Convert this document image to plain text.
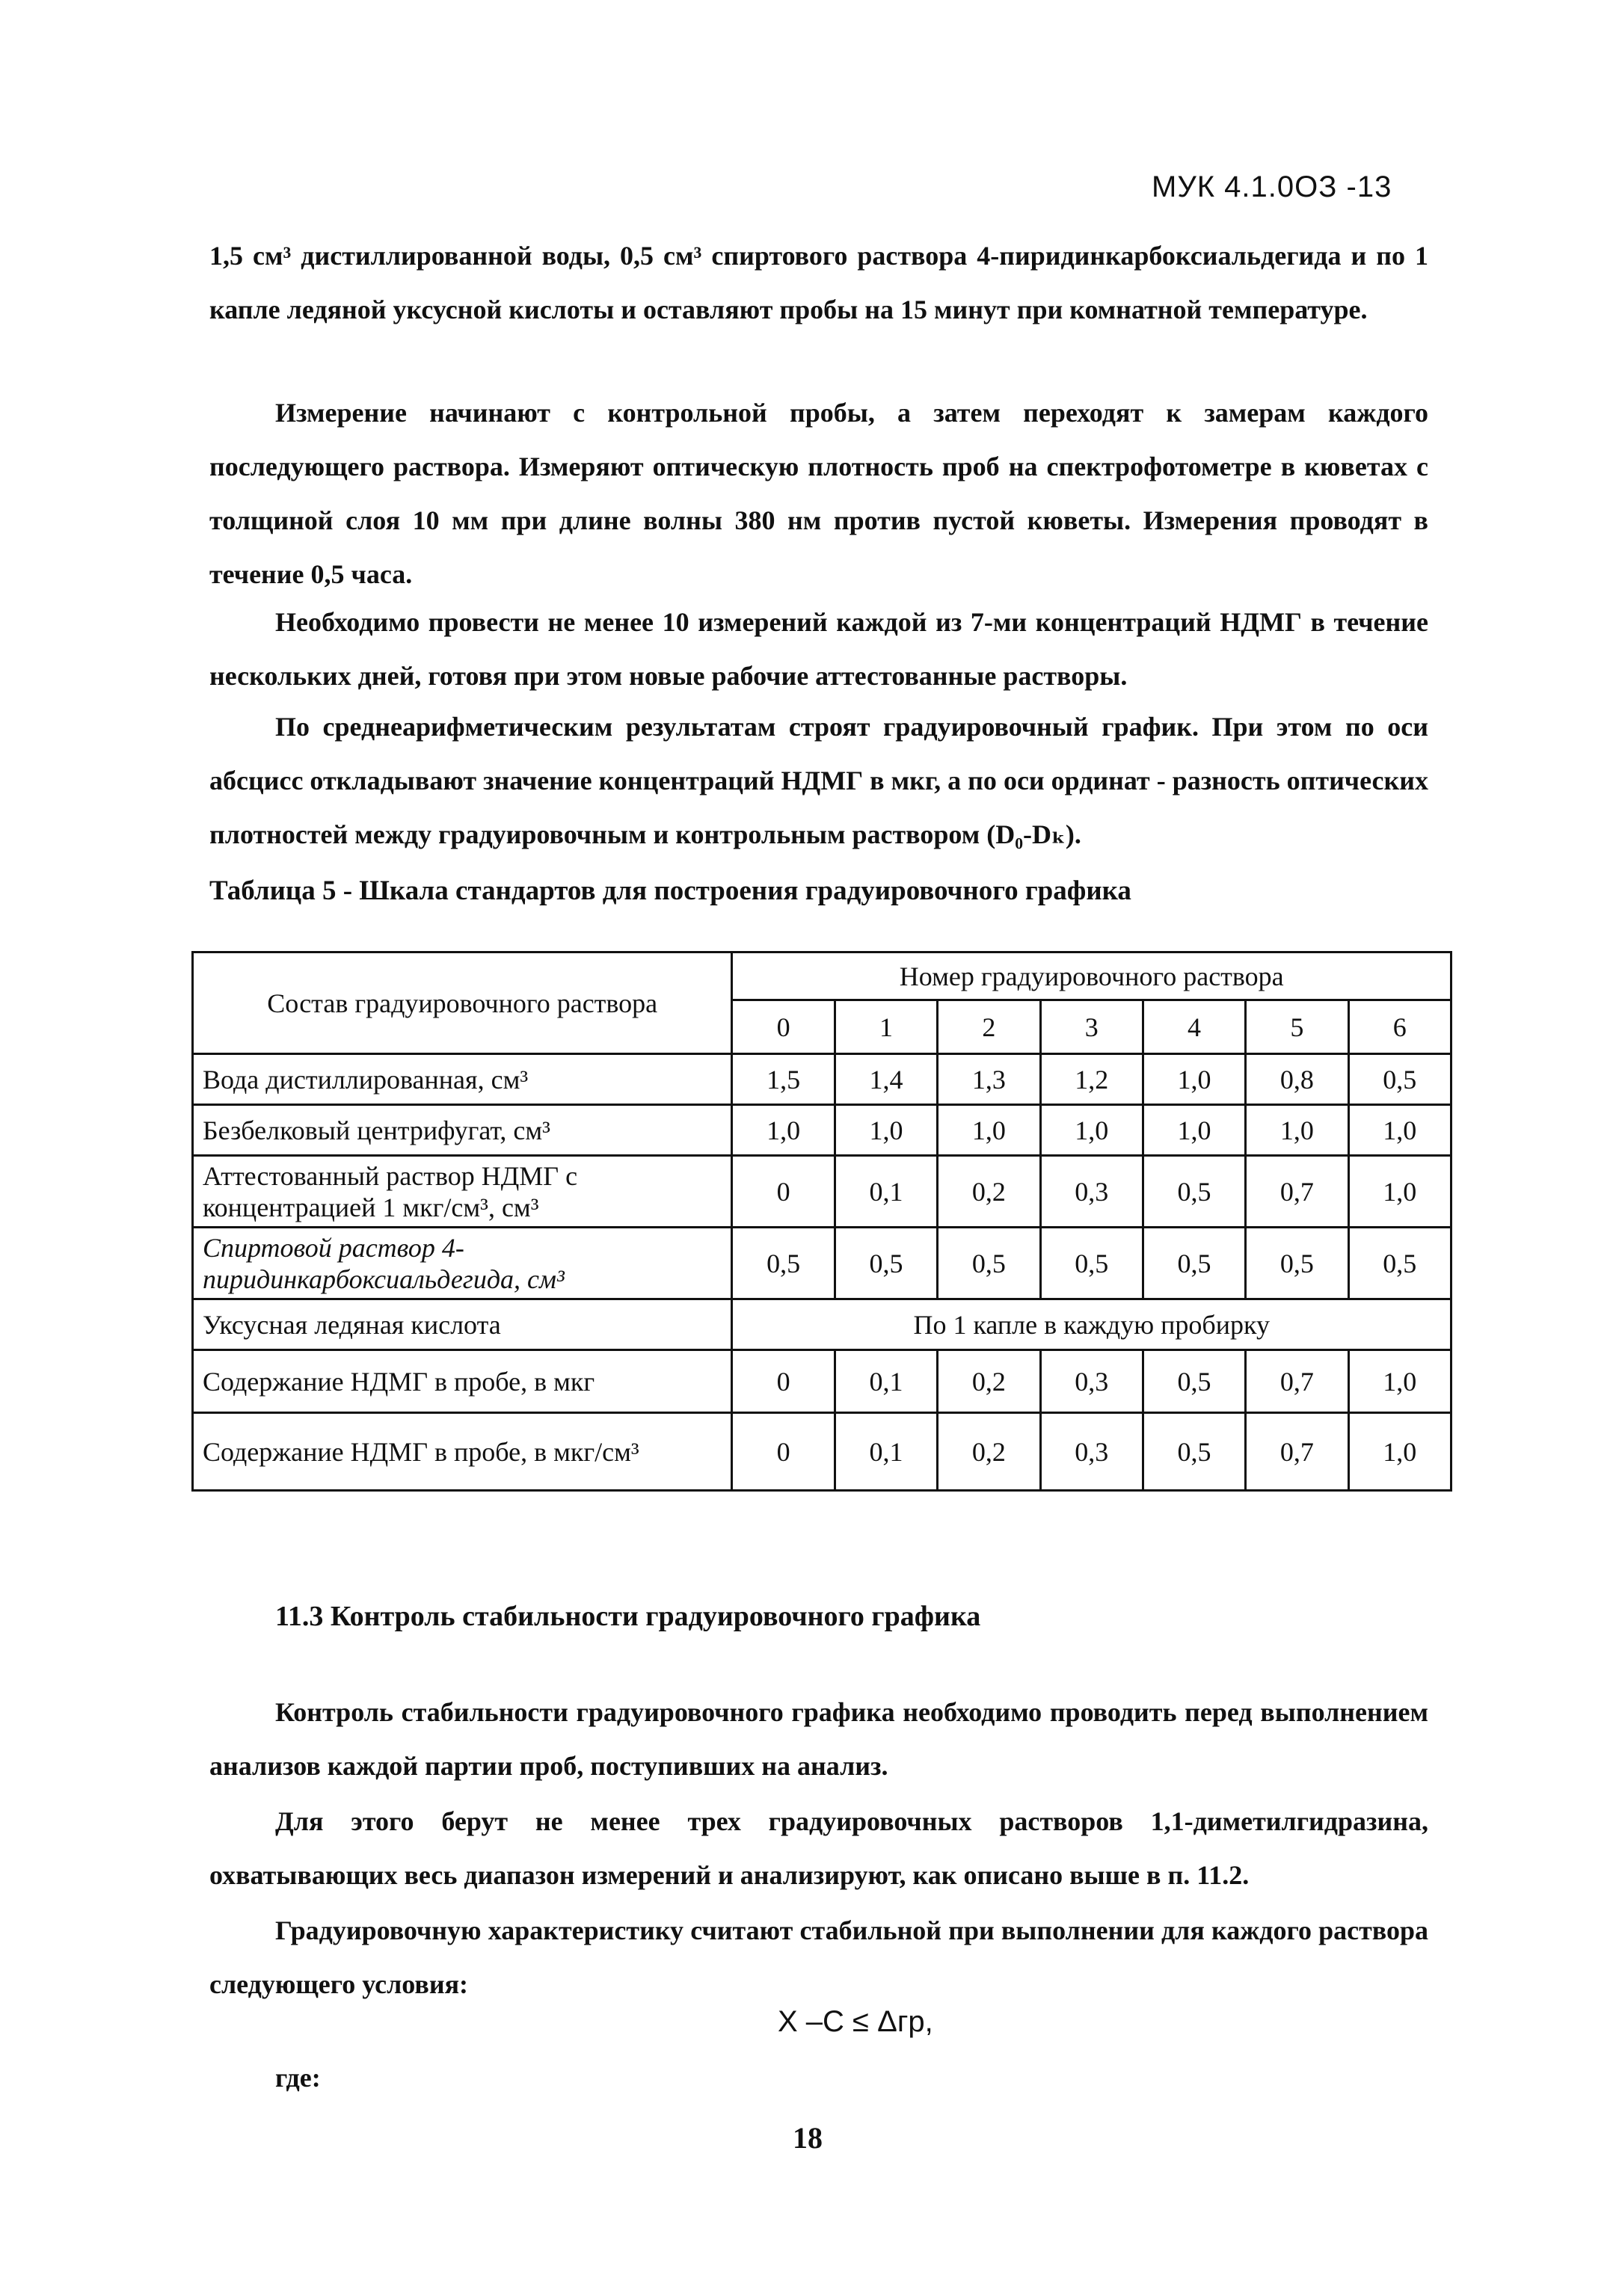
МУК 4.1.0ОЗ -13

1,5 см³ дистиллированной воды, 0,5 см³ спиртового раствора 4-пиридинкарбоксиальдегида и по 1 капле ледяной уксусной кислоты и оставляют пробы на 15 минут при комнатной температуре.

Измерение начинают с контрольной пробы, а затем переходят к замерам каждого последующего раствора. Измеряют оптическую плотность проб на спектрофотометре в кюветах с толщиной слоя 10 мм при длине волны 380 нм против пустой кюветы. Измерения проводят в течение 0,5 часа.

Необходимо провести не менее 10 измерений каждой из 7-ми концентраций НДМГ в течение нескольких дней, готовя при этом новые рабочие аттестованные растворы.

По среднеарифметическим результатам строят градуировочный график. При этом по оси абсцисс откладывают значение концентраций НДМГ в мкг, а по оси ординат - разность оптических плотностей между градуировочным и контрольным раствором (D₀-Dₖ).

Таблица 5 - Шкала стандартов для построения градуировочного графика
Состав градуировочного раствора	Номер градуировочного раствора						
	0	1	2	3	4	5	6
Вода дистиллированная, см³	1,5	1,4	1,3	1,2	1,0	0,8	0,5
Безбелковый центрифугат, см³	1,0	1,0	1,0	1,0	1,0	1,0	1,0
Аттестованный раствор НДМГ с концентрацией 1 мкг/см³, см³	0	0,1	0,2	0,3	0,5	0,7	1,0
Спиртовой раствор 4-пиридинкарбоксиальдегида, см³	0,5	0,5	0,5	0,5	0,5	0,5	0,5
Уксусная ледяная кислота	По 1 капле в каждую пробирку						
Содержание НДМГ в пробе, в мкг	0	0,1	0,2	0,3	0,5	0,7	1,0
Содержание НДМГ в пробе, в мкг/см³	0	0,1	0,2	0,3	0,5	0,7	1,0
11.3 Контроль стабильности градуировочного графика

Контроль стабильности градуировочного графика необходимо проводить перед выполнением анализов каждой партии проб, поступивших на анализ.

Для этого берут не менее трех градуировочных растворов 1,1-диметилгидразина, охватывающих весь диапазон измерений и анализируют, как описано выше в п. 11.2.

Градуировочную характеристику считают стабильной при выполнении для каждого раствора следующего условия:

X –C ≤ Δгр,
где:
18
